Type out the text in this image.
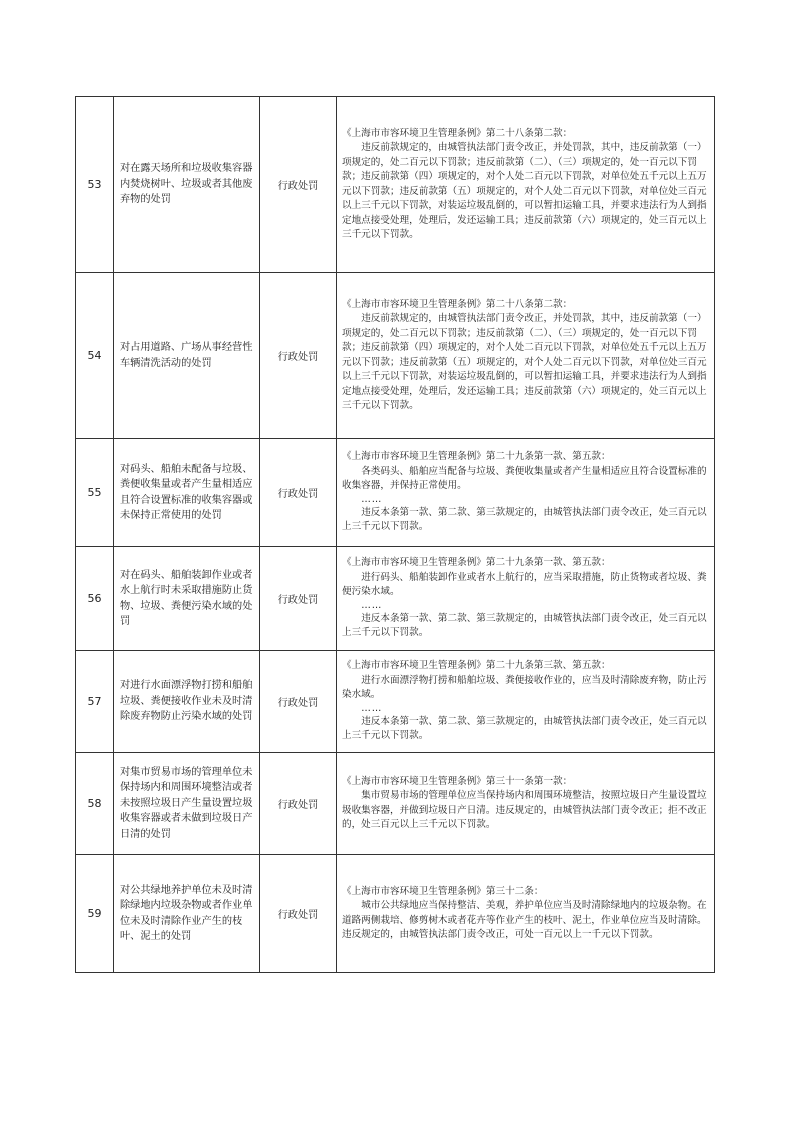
53	对在露天场所和垃圾收集容器内焚烧树叶、垃圾或者其他废弃物的处罚	行政处罚	《上海市市容环境卫生管理条例》第二十八条第二款：

违反前款规定的，由城管执法部门责令改正，并处罚款，其中，违反前款第（一）项规定的，处二百元以下罚款；违反前款第（二）、（三）项规定的，处一百元以下罚款；违反前款第（四）项规定的，对个人处二百元以下罚款，对单位处五千元以上五万元以下罚款；违反前款第（五）项规定的，对个人处二百元以下罚款，对单位处三百元以上三千元以下罚款，对装运垃圾乱倒的，可以暂扣运输工具，并要求违法行为人到指定地点接受处理，处理后，发还运输工具；违反前款第（六）项规定的，处三百元以上三千元以下罚款。

54	对占用道路、广场从事经营性车辆清洗活动的处罚	行政处罚	《上海市市容环境卫生管理条例》第二十八条第二款：

违反前款规定的，由城管执法部门责令改正，并处罚款，其中，违反前款第（一）项规定的，处二百元以下罚款；违反前款第（二）、（三）项规定的，处一百元以下罚款；违反前款第（四）项规定的，对个人处二百元以下罚款，对单位处五千元以上五万元以下罚款；违反前款第（五）项规定的，对个人处二百元以下罚款，对单位处三百元以上三千元以下罚款，对装运垃圾乱倒的，可以暂扣运输工具，并要求违法行为人到指定地点接受处理，处理后，发还运输工具；违反前款第（六）项规定的，处三百元以上三千元以下罚款。

55	对码头、船舶未配备与垃圾、粪便收集量或者产生量相适应且符合设置标准的收集容器或未保持正常使用的处罚	行政处罚	《上海市市容环境卫生管理条例》第二十九条第一款、第五款：

各类码头、船舶应当配备与垃圾、粪便收集量或者产生量相适应且符合设置标准的收集容器，并保持正常使用。

……

违反本条第一款、第二款、第三款规定的，由城管执法部门责令改正，处三百元以上三千元以下罚款。

56	对在码头、船舶装卸作业或者水上航行时未采取措施防止货物、垃圾、粪便污染水域的处罚	行政处罚	《上海市市容环境卫生管理条例》第二十九条第一款、第五款：

进行码头、船舶装卸作业或者水上航行的，应当采取措施，防止货物或者垃圾、粪便污染水域。

……

违反本条第一款、第二款、第三款规定的，由城管执法部门责令改正，处三百元以上三千元以下罚款。

57	对进行水面漂浮物打捞和船舶垃圾、粪便接收作业未及时清除废弃物防止污染水域的处罚	行政处罚	《上海市市容环境卫生管理条例》第二十九条第三款、第五款：

进行水面漂浮物打捞和船舶垃圾、粪便接收作业的，应当及时清除废弃物，防止污染水域。

……

违反本条第一款、第二款、第三款规定的，由城管执法部门责令改正，处三百元以上三千元以下罚款。

58	对集市贸易市场的管理单位未保持场内和周围环境整洁或者未按照垃圾日产生量设置垃圾收集容器或者未做到垃圾日产日清的处罚	行政处罚	《上海市市容环境卫生管理条例》第三十一条第一款：

集市贸易市场的管理单位应当保持场内和周围环境整洁，按照垃圾日产生量设置垃圾收集容器，并做到垃圾日产日清。违反规定的，由城管执法部门责令改正；拒不改正的，处三百元以上三千元以下罚款。

59	对公共绿地养护单位未及时清除绿地内垃圾杂物或者作业单位未及时清除作业产生的枝叶、泥土的处罚	行政处罚	《上海市市容环境卫生管理条例》第三十二条：

城市公共绿地应当保持整洁、美观，养护单位应当及时清除绿地内的垃圾杂物。在道路两侧栽培、修剪树木或者花卉等作业产生的枝叶、泥土，作业单位应当及时清除。违反规定的，由城管执法部门责令改正，可处一百元以上一千元以下罚款。
